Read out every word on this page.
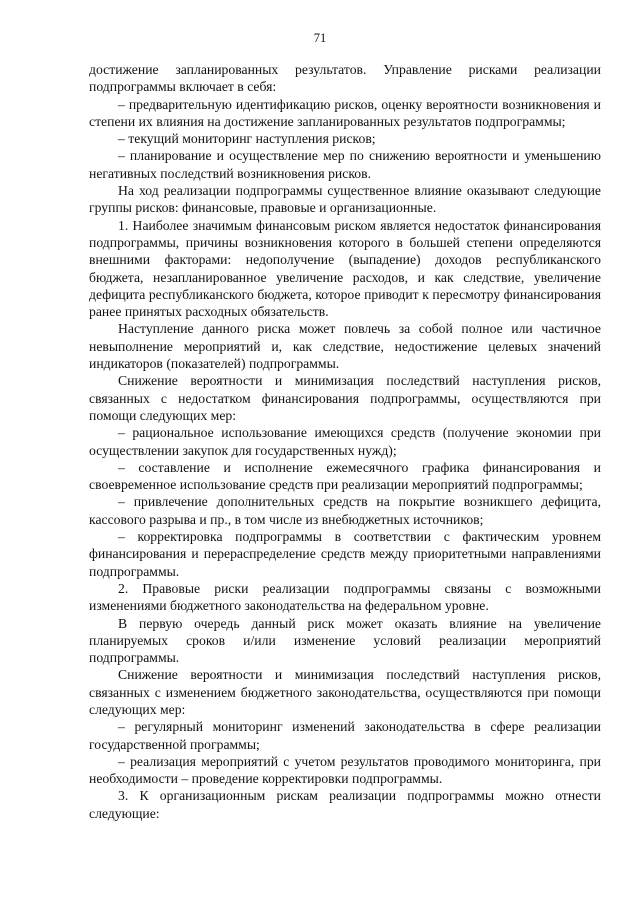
71

достижение запланированных результатов. Управление рисками реализации подпрограммы включает в себя:

– предварительную идентификацию рисков, оценку вероятности возникновения и степени их влияния на достижение запланированных результатов подпрограммы;

– текущий мониторинг наступления рисков;

– планирование и осуществление мер по снижению вероятности и уменьшению негативных последствий возникновения рисков.

На ход реализации подпрограммы существенное влияние оказывают следующие группы рисков: финансовые, правовые и организационные.

1. Наиболее значимым финансовым риском является недостаток финансирования подпрограммы, причины возникновения которого в большей степени определяются внешними факторами: недополучение (выпадение) доходов республиканского бюджета, незапланированное увеличение расходов, и как следствие, увеличение дефицита республиканского бюджета, которое приводит к пересмотру финансирования ранее принятых расходных обязательств.

Наступление данного риска может повлечь за собой полное или частичное невыполнение мероприятий и, как следствие, недостижение целевых значений индикаторов (показателей) подпрограммы.

Снижение вероятности и минимизация последствий наступления рисков, связанных с недостатком финансирования подпрограммы, осуществляются при помощи следующих мер:

– рациональное использование имеющихся средств (получение экономии при осуществлении закупок для государственных нужд);

– составление и исполнение ежемесячного графика финансирования и своевременное использование средств при реализации мероприятий подпрограммы;

– привлечение дополнительных средств на покрытие возникшего дефицита, кассового разрыва и пр., в том числе из внебюджетных источников;

– корректировка подпрограммы в соответствии с фактическим уровнем финансирования и перераспределение средств между приоритетными направлениями подпрограммы.

2. Правовые риски реализации подпрограммы связаны с возможными изменениями бюджетного законодательства на федеральном уровне.

В первую очередь данный риск может оказать влияние на увеличение планируемых сроков и/или изменение условий реализации мероприятий подпрограммы.

Снижение вероятности и минимизация последствий наступления рисков, связанных с изменением бюджетного законодательства, осуществляются при помощи следующих мер:

– регулярный мониторинг изменений законодательства в сфере реализации государственной программы;

– реализация мероприятий с учетом результатов проводимого мониторинга, при необходимости – проведение корректировки подпрограммы.

3. К организационным рискам реализации подпрограммы можно отнести следующие:
